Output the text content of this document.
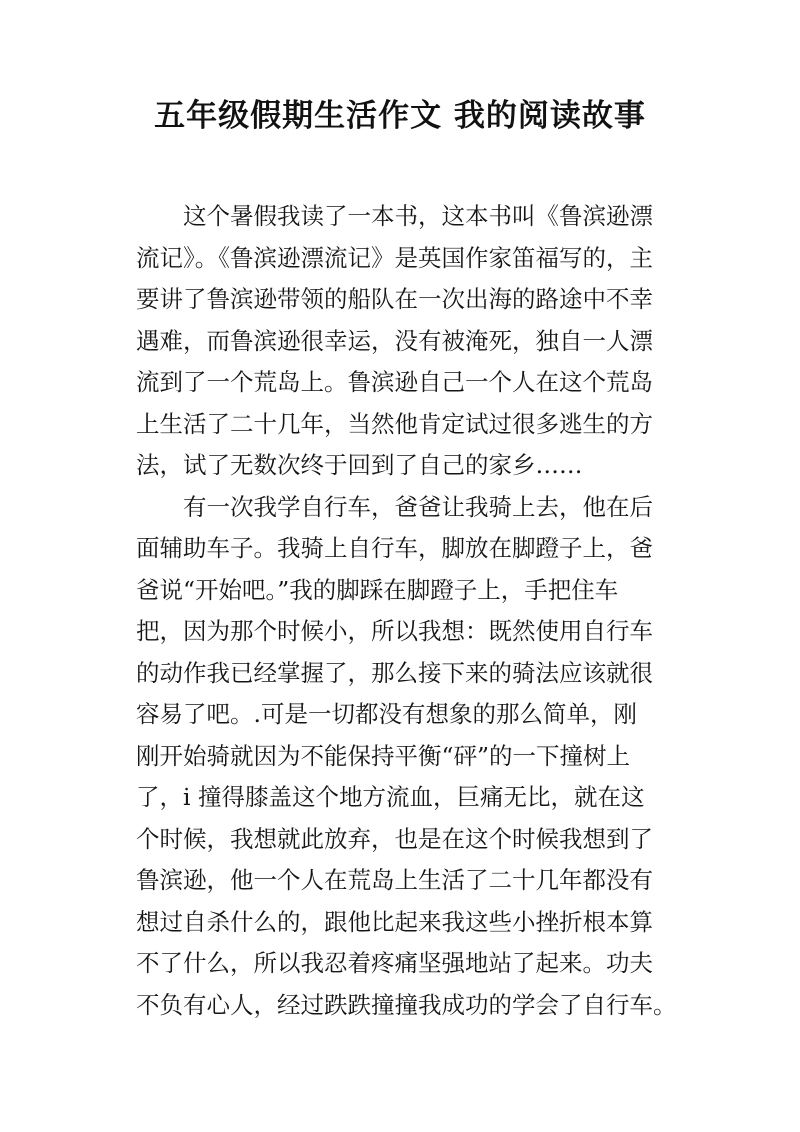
五年级假期生活作文 我的阅读故事
这个暑假我读了一本书，这本书叫《鲁滨逊漂
流记》。《鲁滨逊漂流记》是英国作家笛福写的，主
要讲了鲁滨逊带领的船队在一次出海的路途中不幸
遇难，而鲁滨逊很幸运，没有被淹死，独自一人漂
流到了一个荒岛上。鲁滨逊自己一个人在这个荒岛
上生活了二十几年，当然他肯定试过很多逃生的方
法，试了无数次终于回到了自己的家乡……
有一次我学自行车，爸爸让我骑上去，他在后
面辅助车子。我骑上自行车，脚放在脚蹬子上，爸
爸说“开始吧。”我的脚踩在脚蹬子上，手把住车
把，因为那个时候小，所以我想：既然使用自行车
的动作我已经掌握了，那么接下来的骑法应该就很
容易了吧。.可是一切都没有想象的那么简单，刚
刚开始骑就因为不能保持平衡“砰”的一下撞树上
了，i 撞得膝盖这个地方流血，巨痛无比，就在这
个时候，我想就此放弃，也是在这个时候我想到了
鲁滨逊，他一个人在荒岛上生活了二十几年都没有
想过自杀什么的，跟他比起来我这些小挫折根本算
不了什么，所以我忍着疼痛坚强地站了起来。功夫
不负有心人，经过跌跌撞撞我成功的学会了自行车。
